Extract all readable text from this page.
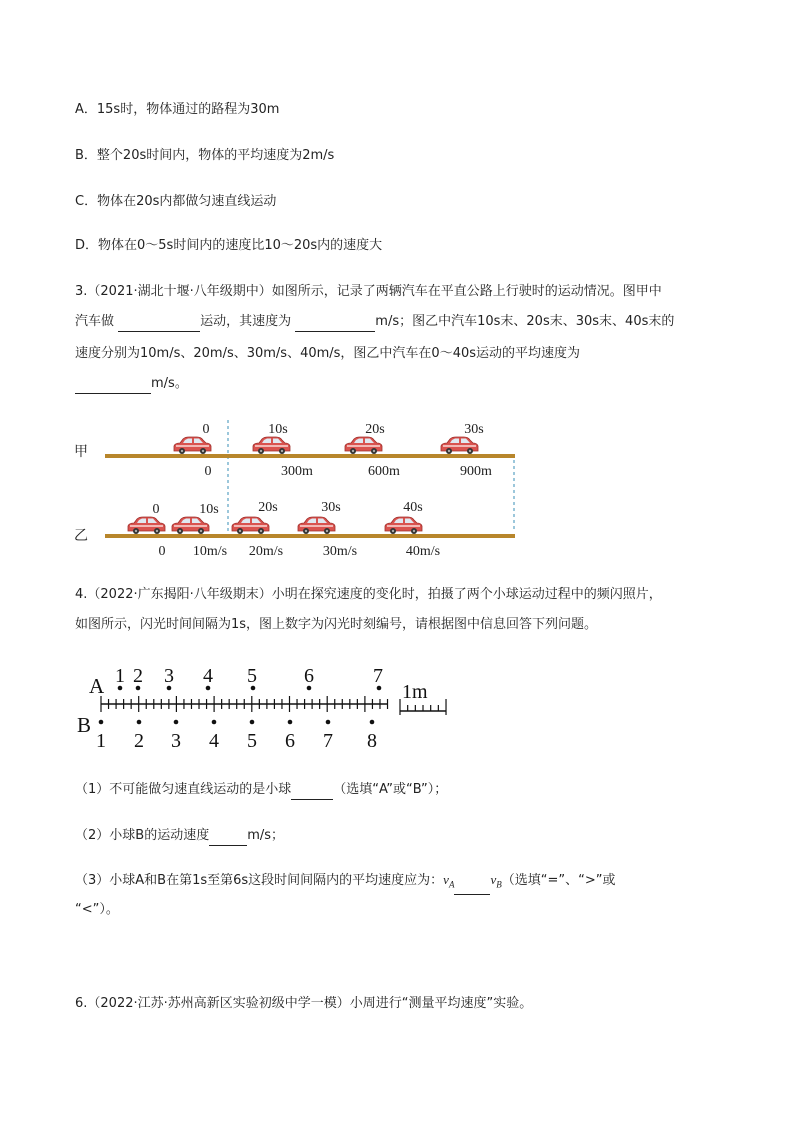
A．15s时，物体通过的路程为30m
B．整个20s时间内，物体的平均速度为2m/s
C．物体在20s内都做匀速直线运动
D．物体在0～5s时间内的速度比10～20s内的速度大
3.（2021·湖北十堰·八年级期中）如图所示，记录了两辆汽车在平直公路上行驶时的运动情况。图甲中
汽车做	运动，其速度为	m/s；图乙中汽车10s末、20s末、30s末、40s末的
速度分别为10m/s、20m/s、30m/s、40m/s，图乙中汽车在0～40s运动的平均速度为
m/s。
甲
0	10s	20s	30s
0	300m	600m	900m
乙
0	10s	20s	30s	40s
0 10m/s 20m/s	30m/s	40m/s
4.（2022·广东揭阳·八年级期末）小明在探究速度的变化时，拍摄了两个小球运动过程中的频闪照片，
如图所示，闪光时间间隔为1s，图上数字为闪光时刻编号，请根据图中信息回答下列问题。
A
B
1 2 3 4 5 6	7
1 2 3 4 5 6 7 8
1m
（1）不可能做匀速直线运动的是小球	（选填“A”或“B”）；
（2）小球B的运动速度	m/s；
（3）小球A和B在第1s至第6s这段时间间隔内的平均速度应为：$v_A$	$v_B$（选填“=”、“>”或
“<”）。
6.（2022·江苏·苏州高新区实验初级中学一模）小周进行“测量平均速度”实验。
